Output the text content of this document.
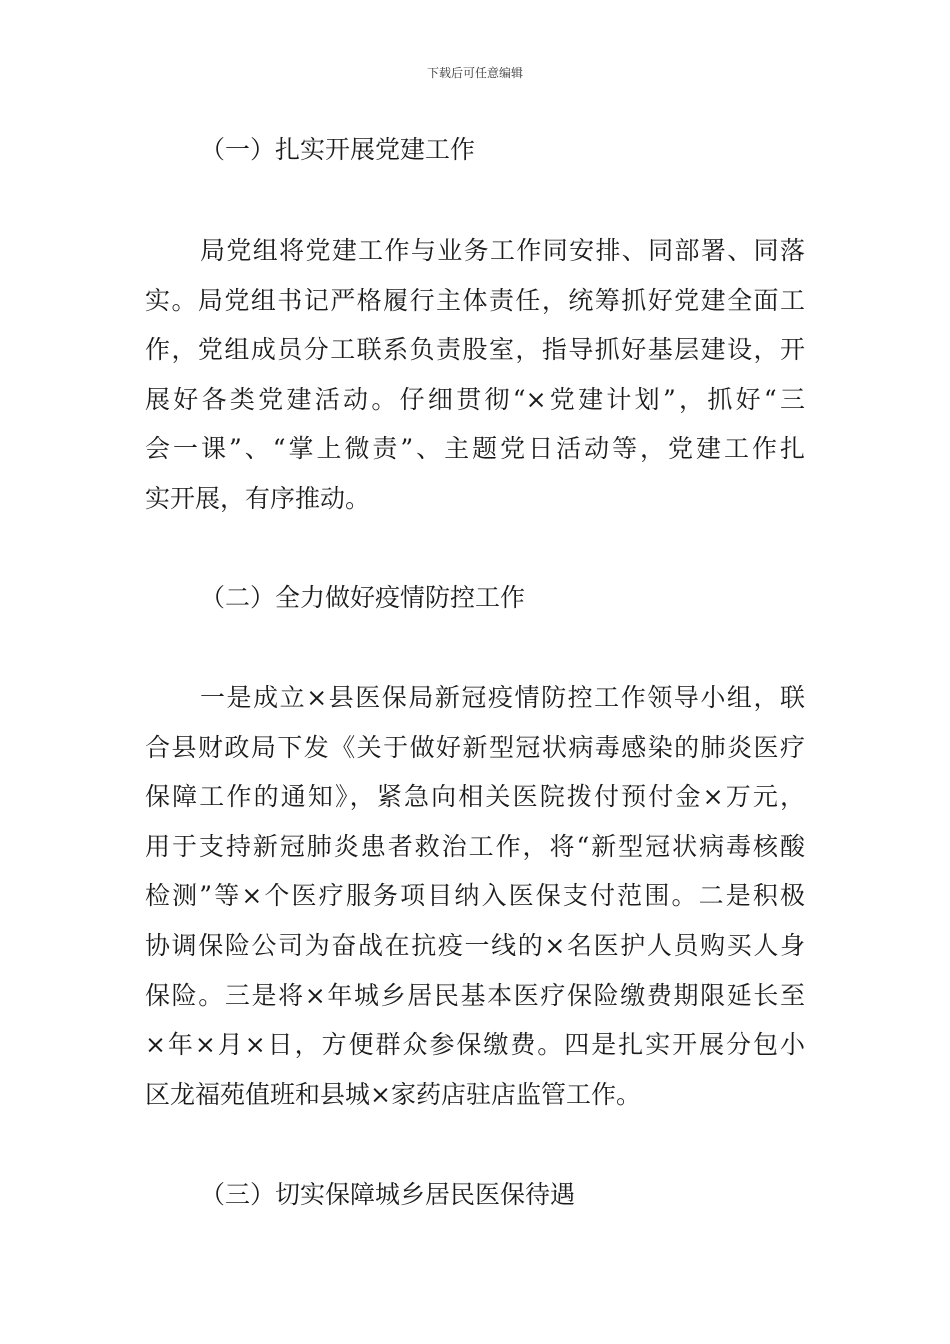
下载后可任意编辑
（一）扎实开展党建工作
局党组将党建工作与业务工作同安排、同部署、同落
实。局党组书记严格履行主体责任，统筹抓好党建全面工
作，党组成员分工联系负责股室，指导抓好基层建设，开
展好各类党建活动。仔细贯彻“×党建计划”，抓好“三
会一课”、“掌上微责”、主题党日活动等，党建工作扎
实开展，有序推动。
（二）全力做好疫情防控工作
一是成立×县医保局新冠疫情防控工作领导小组，联
合县财政局下发《关于做好新型冠状病毒感染的肺炎医疗
保障工作的通知》，紧急向相关医院拨付预付金×万元，
用于支持新冠肺炎患者救治工作，将“新型冠状病毒核酸
检测”等×个医疗服务项目纳入医保支付范围。二是积极
协调保险公司为奋战在抗疫一线的×名医护人员购买人身
保险。三是将×年城乡居民基本医疗保险缴费期限延长至
×年×月×日，方便群众参保缴费。四是扎实开展分包小
区龙福苑值班和县城×家药店驻店监管工作。
（三）切实保障城乡居民医保待遇
